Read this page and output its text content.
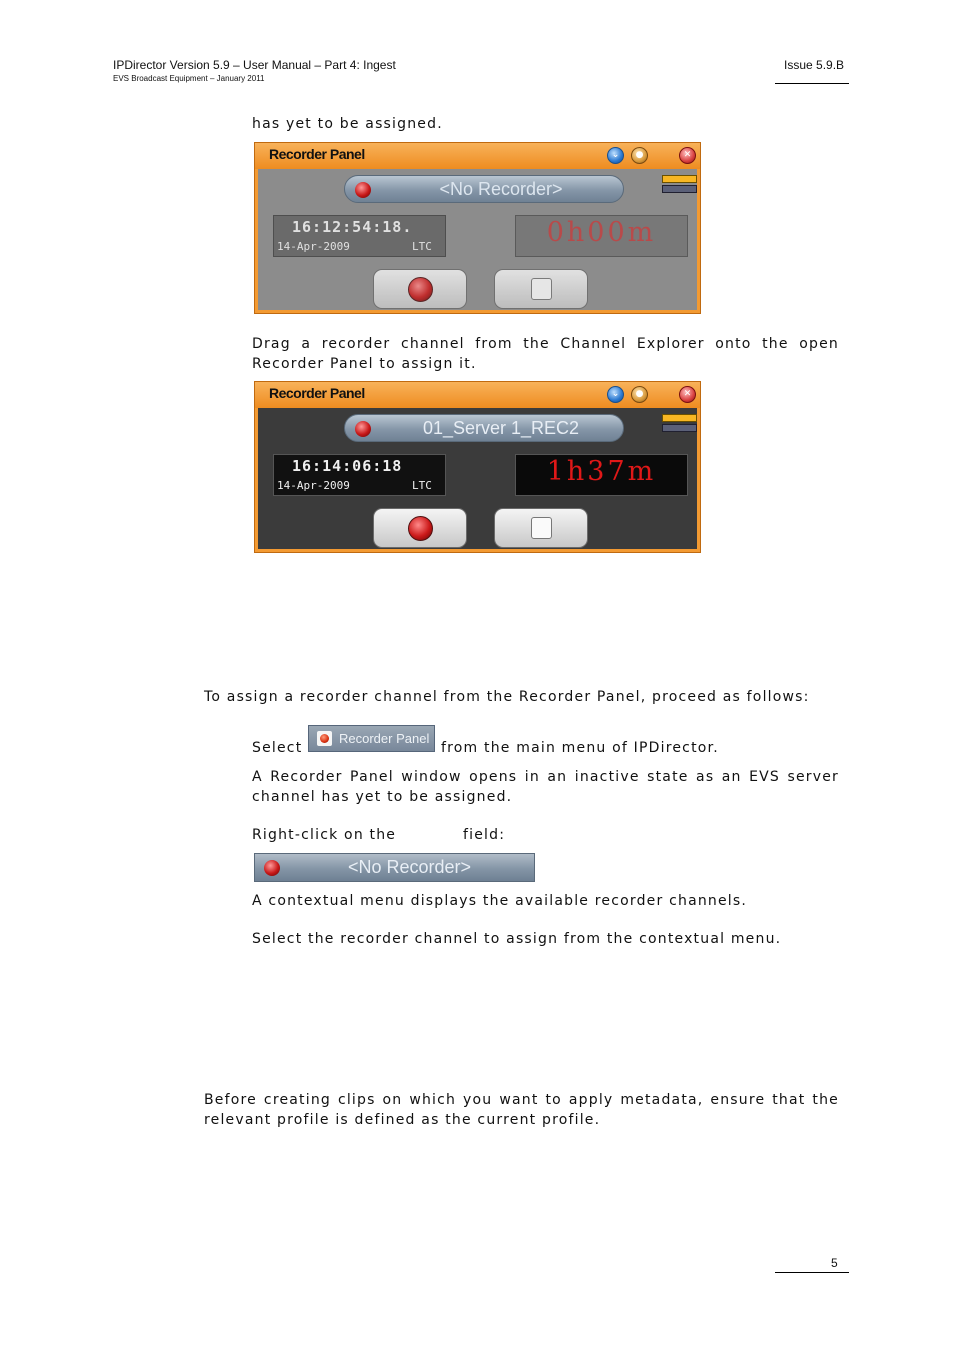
IPDirector Version 5.9 – User Manual – Part 4: Ingest
EVS Broadcast Equipment – January 2011
Issue 5.9.B
has yet to be assigned.
Recorder Panel	⌄	●	✕
<No Recorder>
16:12:54:18.
14-Apr-2009	LTC	0h00m
Drag a recorder channel from the Channel Explorer onto the open Recorder Panel to assign it.
Recorder Panel	⌄	●	✕
01_Server 1_REC2
16:14:06:18
14-Apr-2009	LTC	1h37m
To assign a recorder channel from the Recorder Panel, proceed as follows:
Select
Recorder Panel
from the main menu of IPDirector.
A Recorder Panel window opens in an inactive state as an EVS server channel has yet to be assigned.
Right-click on the	field:
<No Recorder>
A contextual menu displays the available recorder channels.
Select the recorder channel to assign from the contextual menu.
Before creating clips on which you want to apply metadata, ensure that the relevant profile is defined as the current profile.
5
